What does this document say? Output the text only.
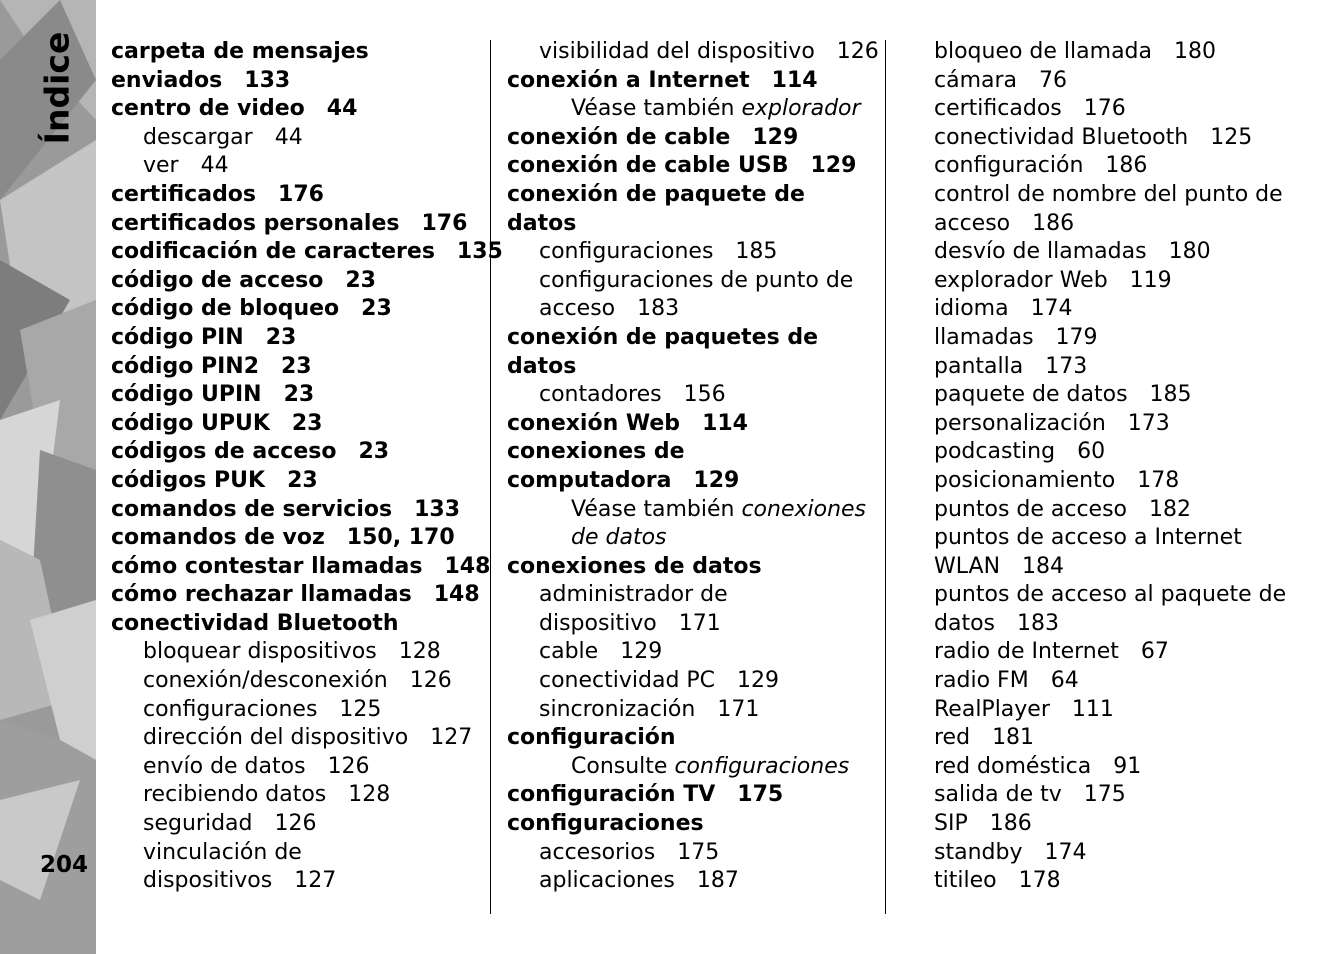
Índice
204
carpeta de mensajes
enviados 133
centro de video 44
descargar 44
ver 44
certificados 176
certificados personales 176
codificación de caracteres 135
código de acceso 23
código de bloqueo 23
código PIN 23
código PIN2 23
código UPIN 23
código UPUK 23
códigos de acceso 23
códigos PUK 23
comandos de servicios 133
comandos de voz 150, 170
cómo contestar llamadas 148
cómo rechazar llamadas 148
conectividad Bluetooth
bloquear dispositivos 128
conexión/desconexión 126
configuraciones 125
dirección del dispositivo 127
envío de datos 126
recibiendo datos 128
seguridad 126
vinculación de
dispositivos 127
visibilidad del dispositivo 126
conexión a Internet 114
Véase también explorador
conexión de cable 129
conexión de cable USB 129
conexión de paquete de
datos
configuraciones 185
configuraciones de punto de
acceso 183
conexión de paquetes de
datos
contadores 156
conexión Web 114
conexiones de
computadora 129
Véase también conexiones
de datos
conexiones de datos
administrador de
dispositivo 171
cable 129
conectividad PC 129
sincronización 171
configuración
Consulte configuraciones
configuración TV 175
configuraciones
accesorios 175
aplicaciones 187
bloqueo de llamada 180
cámara 76
certificados 176
conectividad Bluetooth 125
configuración 186
control de nombre del punto de
acceso 186
desvío de llamadas 180
explorador Web 119
idioma 174
llamadas 179
pantalla 173
paquete de datos 185
personalización 173
podcasting 60
posicionamiento 178
puntos de acceso 182
puntos de acceso a Internet
WLAN 184
puntos de acceso al paquete de
datos 183
radio de Internet 67
radio FM 64
RealPlayer 111
red 181
red doméstica 91
salida de tv 175
SIP 186
standby 174
titileo 178
